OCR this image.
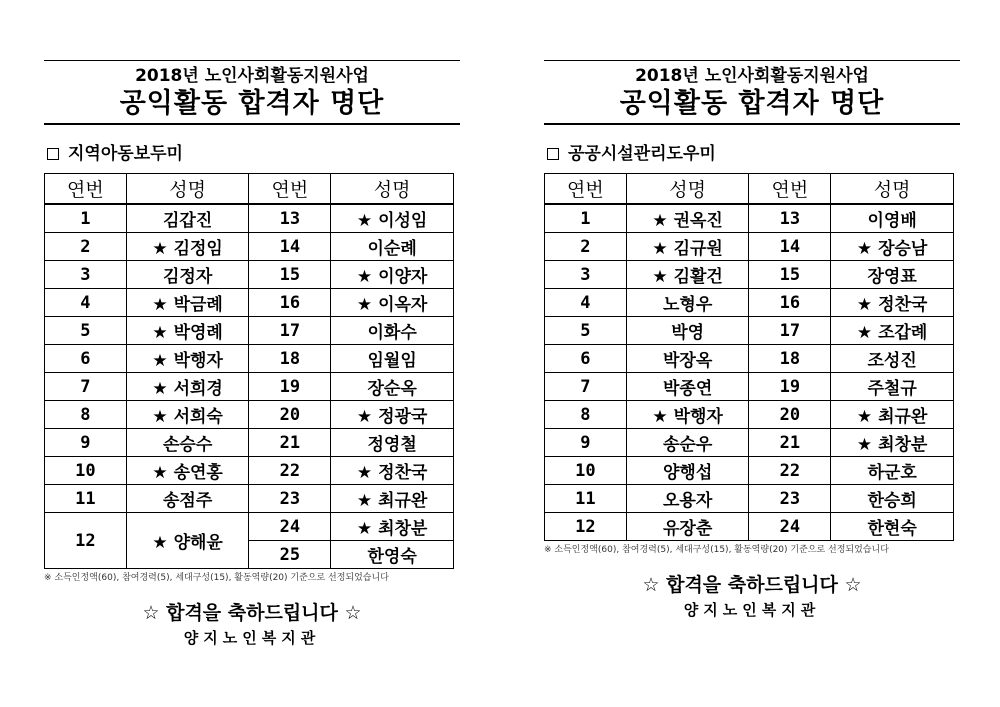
2018년 노인사회활동지원사업
공익활동 합격자 명단
지역아동보두미
연번	성명	연번	성명
1	김갑진	13	★ 이성임
2	★ 김정임	14	이순례
3	김정자	15	★ 이양자
4	★ 박금례	16	★ 이옥자
5	★ 박영례	17	이화수
6	★ 박행자	18	임월임
7	★ 서희경	19	장순옥
8	★ 서희숙	20	★ 정광국
9	손승수	21	정영철
10	★ 송연홍	22	★ 정찬국
11	송점주	23	★ 최규완
12	★ 양해윤	24	★ 최창분
		25	한영숙
※ 소득인정액(60), 참여경력(5), 세대구성(15), 활동역량(20) 기준으로 선정되었습니다
☆ 합격을 축하드립니다 ☆
양지노인복지관
2018년 노인사회활동지원사업
공익활동 합격자 명단
공공시설관리도우미
연번	성명	연번	성명
1	★ 권옥진	13	이영배
2	★ 김규원	14	★ 장승남
3	★ 김활건	15	장영표
4	노형우	16	★ 정찬국
5	박영	17	★ 조갑례
6	박장옥	18	조성진
7	박종연	19	주철규
8	★ 박행자	20	★ 최규완
9	송순우	21	★ 최창분
10	양행섭	22	하군호
11	오용자	23	한승희
12	유장춘	24	한현숙
※ 소득인정액(60), 참여경력(5), 세대구성(15), 활동역량(20) 기준으로 선정되었습니다
☆ 합격을 축하드립니다 ☆
양지노인복지관
